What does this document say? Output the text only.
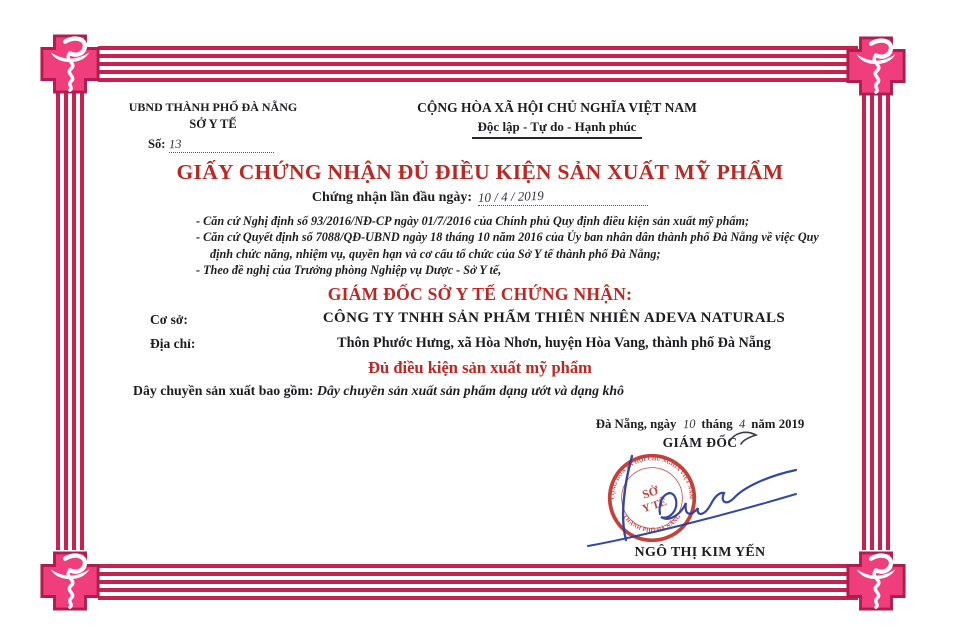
UBND THÀNH PHỐ ĐÀ NẴNG
SỞ Y TẾ
Số: 13
CỘNG HÒA XÃ HỘI CHỦ NGHĨA VIỆT NAM
Độc lập - Tự do - Hạnh phúc
GIẤY CHỨNG NHẬN ĐỦ ĐIỀU KIỆN SẢN XUẤT MỸ PHẨM
Chứng nhận lần đầu ngày: 10 / 4 / 2019
- Căn cứ Nghị định số 93/2016/NĐ-CP ngày 01/7/2016 của Chính phủ Quy định điều kiện sản xuất mỹ phẩm;
- Căn cứ Quyết định số 7088/QĐ-UBND ngày 18 tháng 10 năm 2016 của Ủy ban nhân dân thành phố Đà Nẵng về việc Quy định chức năng, nhiệm vụ, quyền hạn và cơ cấu tổ chức của Sở Y tế thành phố Đà Nẵng;
- Theo đề nghị của Trưởng phòng Nghiệp vụ Dược - Sở Y tế,
GIÁM ĐỐC SỞ Y TẾ CHỨNG NHẬN:
Cơ sở:	CÔNG TY TNHH SẢN PHẨM THIÊN NHIÊN ADEVA NATURALS
Địa chỉ:	Thôn Phước Hưng, xã Hòa Nhơn, huyện Hòa Vang, thành phố Đà Nẵng
Đủ điều kiện sản xuất mỹ phẩm
Dây chuyền sản xuất bao gồm: Dây chuyền sản xuất sản phẩm dạng ướt và dạng khô
Đà Nẵng, ngày 10 tháng 4 năm 2019
GIÁM ĐỐC
CỘNG HÒA XÃ HỘI CHỦ NGHĨA VIỆT NAM
THÀNH PHỐ ĐÀ NẴNG
SỞ
Y TẾ
NGÔ THỊ KIM YẾN
